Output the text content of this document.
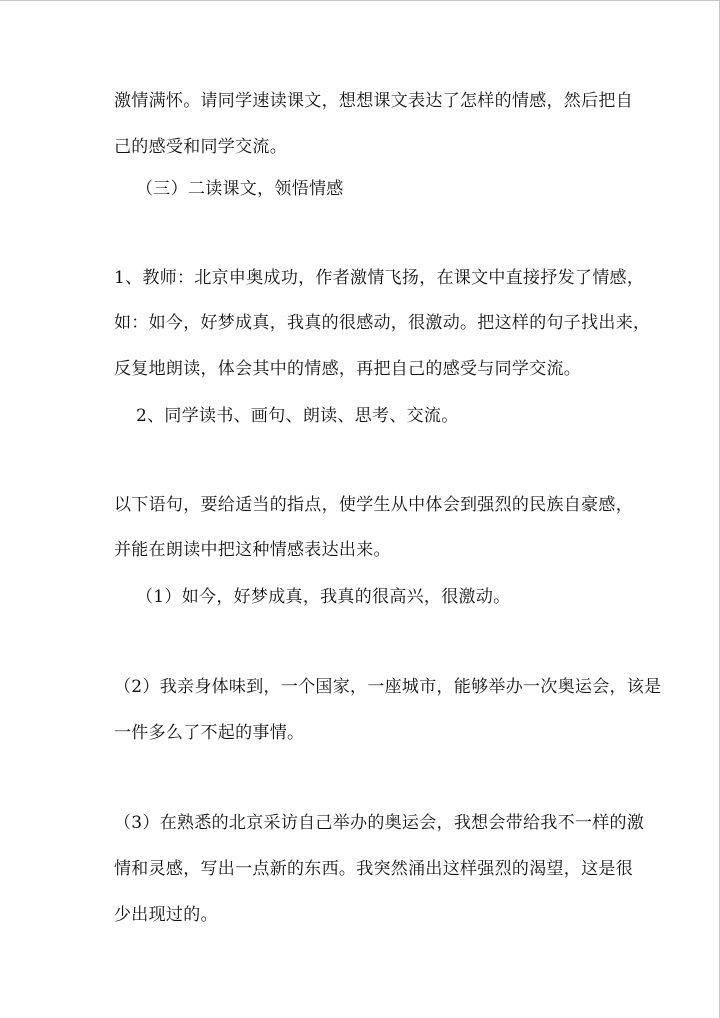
激情满怀。请同学速读课文，想想课文表达了怎样的情感，然后把自
己的感受和同学交流。
（三）二读课文，领悟情感
1、教师：北京申奥成功，作者激情飞扬，在课文中直接抒发了情感，
如：如今，好梦成真，我真的很感动，很激动。把这样的句子找出来，
反复地朗读，体会其中的情感，再把自己的感受与同学交流。
2、同学读书、画句、朗读、思考、交流。
以下语句，要给适当的指点，使学生从中体会到强烈的民族自豪感，
并能在朗读中把这种情感表达出来。
（1）如今，好梦成真，我真的很高兴，很激动。
（2）我亲身体味到，一个国家，一座城市，能够举办一次奥运会，该是
一件多么了不起的事情。
（3）在熟悉的北京采访自己举办的奥运会，我想会带给我不一样的激
情和灵感，写出一点新的东西。我突然涌出这样强烈的渴望，这是很
少出现过的。
